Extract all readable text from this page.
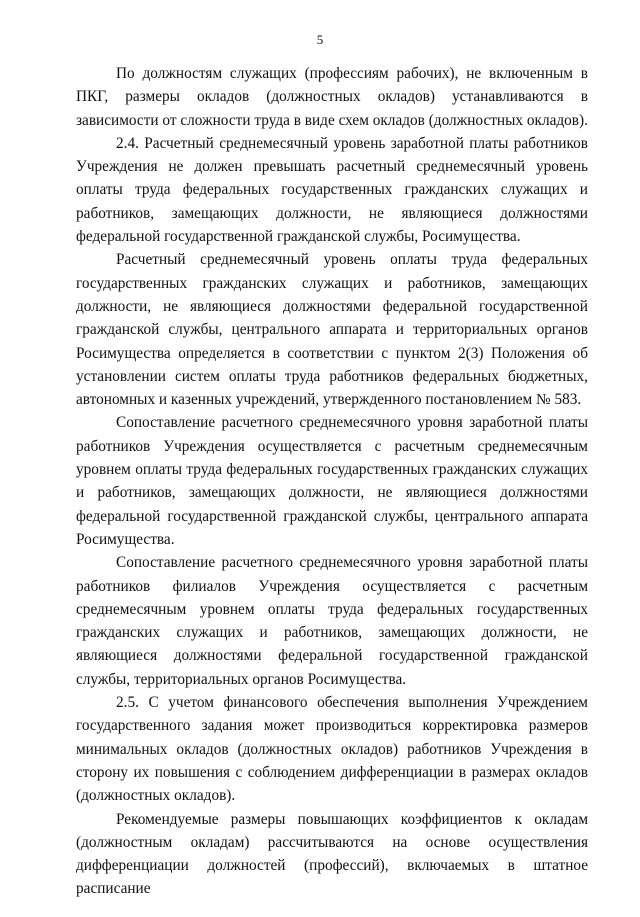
5

По должностям служащих (профессиям рабочих), не включенным в ПКГ, размеры окладов (должностных окладов) устанавливаются в зависимости от сложности труда в виде схем окладов (должностных окладов).

2.4. Расчетный среднемесячный уровень заработной платы работников Учреждения не должен превышать расчетный среднемесячный уровень оплаты труда федеральных государственных гражданских служащих и работников, замещающих должности, не являющиеся должностями федеральной государственной гражданской службы, Росимущества.

Расчетный среднемесячный уровень оплаты труда федеральных государственных гражданских служащих и работников, замещающих должности, не являющиеся должностями федеральной государственной гражданской службы, центрального аппарата и территориальных органов Росимущества определяется в соответствии с пунктом 2(3) Положения об установлении систем оплаты труда работников федеральных бюджетных, автономных и казенных учреждений, утвержденного постановлением № 583.

Сопоставление расчетного среднемесячного уровня заработной платы работников Учреждения осуществляется с расчетным среднемесячным уровнем оплаты труда федеральных государственных гражданских служащих и работников, замещающих должности, не являющиеся должностями федеральной государственной гражданской службы, центрального аппарата Росимущества.

Сопоставление расчетного среднемесячного уровня заработной платы работников филиалов Учреждения осуществляется с расчетным среднемесячным уровнем оплаты труда федеральных государственных гражданских служащих и работников, замещающих должности, не являющиеся должностями федеральной государственной гражданской службы, территориальных органов Росимущества.

2.5. С учетом финансового обеспечения выполнения Учреждением государственного задания может производиться корректировка размеров минимальных окладов (должностных окладов) работников Учреждения в сторону их повышения с соблюдением дифференциации в размерах окладов (должностных окладов).

Рекомендуемые размеры повышающих коэффициентов к окладам (должностным окладам) рассчитываются на основе осуществления дифференциации должностей (профессий), включаемых в штатное расписание
